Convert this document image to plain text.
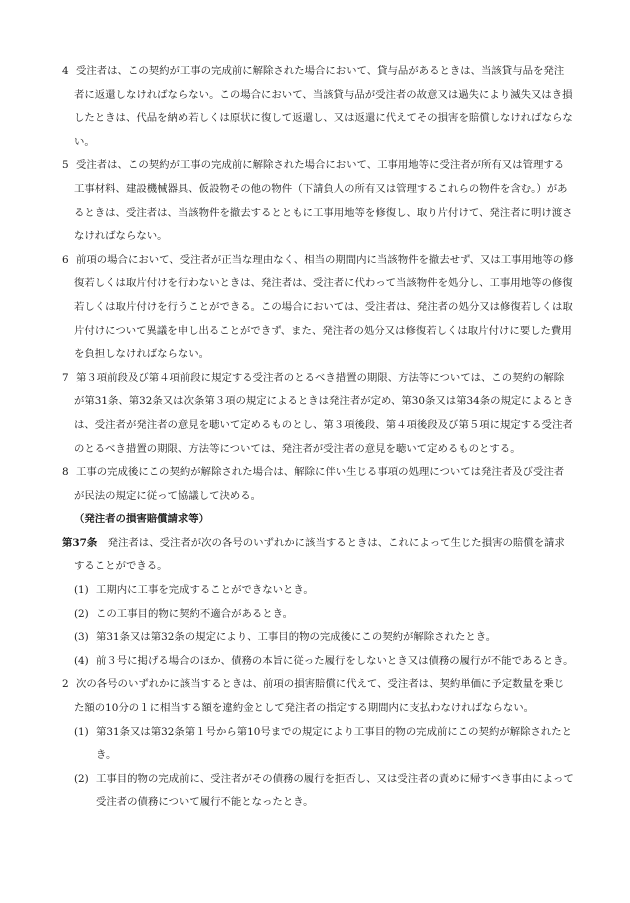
4 受注者は、この契約が工事の完成前に解除された場合において、貸与品があるときは、当該貸与品を発注者に返還しなければならない。この場合において、当該貸与品が受注者の故意又は過失により滅失又はき損したときは、代品を納め若しくは原状に復して返還し、又は返還に代えてその損害を賠償しなければならない。

5 受注者は、この契約が工事の完成前に解除された場合において、工事用地等に受注者が所有又は管理する工事材料、建設機械器具、仮設物その他の物件（下請負人の所有又は管理するこれらの物件を含む。）があるときは、受注者は、当該物件を撤去するとともに工事用地等を修復し、取り片付けて、発注者に明け渡さなければならない。

6 前項の場合において、受注者が正当な理由なく、相当の期間内に当該物件を撤去せず、又は工事用地等の修復若しくは取片付けを行わないときは、発注者は、受注者に代わって当該物件を処分し、工事用地等の修復若しくは取片付けを行うことができる。この場合においては、受注者は、発注者の処分又は修復若しくは取片付けについて異議を申し出ることができず、また、発注者の処分又は修復若しくは取片付けに要した費用を負担しなければならない。

7 第３項前段及び第４項前段に規定する受注者のとるべき措置の期限、方法等については、この契約の解除が第31条、第32条又は次条第３項の規定によるときは発注者が定め、第30条又は第34条の規定によるときは、受注者が発注者の意見を聴いて定めるものとし、第３項後段、第４項後段及び第５項に規定する受注者のとるべき措置の期限、方法等については、発注者が受注者の意見を聴いて定めるものとする。

8 工事の完成後にこの契約が解除された場合は、解除に伴い生じる事項の処理については発注者及び受注者が民法の規定に従って協議して決める。

（発注者の損害賠償請求等）

第37条　 発注者は、受注者が次の各号のいずれかに該当するときは、これによって生じた損害の賠償を請求することができる。

(1) 工期内に工事を完成することができないとき。

(2) この工事目的物に契約不適合があるとき。

(3) 第31条又は第32条の規定により、工事目的物の完成後にこの契約が解除されたとき。

(4) 前３号に掲げる場合のほか、債務の本旨に従った履行をしないとき又は債務の履行が不能であるとき。

2 次の各号のいずれかに該当するときは、前項の損害賠償に代えて、受注者は、契約単価に予定数量を乗じた額の10分の１に相当する額を違約金として発注者の指定する期間内に支払わなければならない。

(1) 第31条又は第32条第１号から第10号までの規定により工事目的物の完成前にこの契約が解除されたとき。

(2) 工事目的物の完成前に、受注者がその債務の履行を拒否し、又は受注者の責めに帰すべき事由によって受注者の債務について履行不能となったとき。
